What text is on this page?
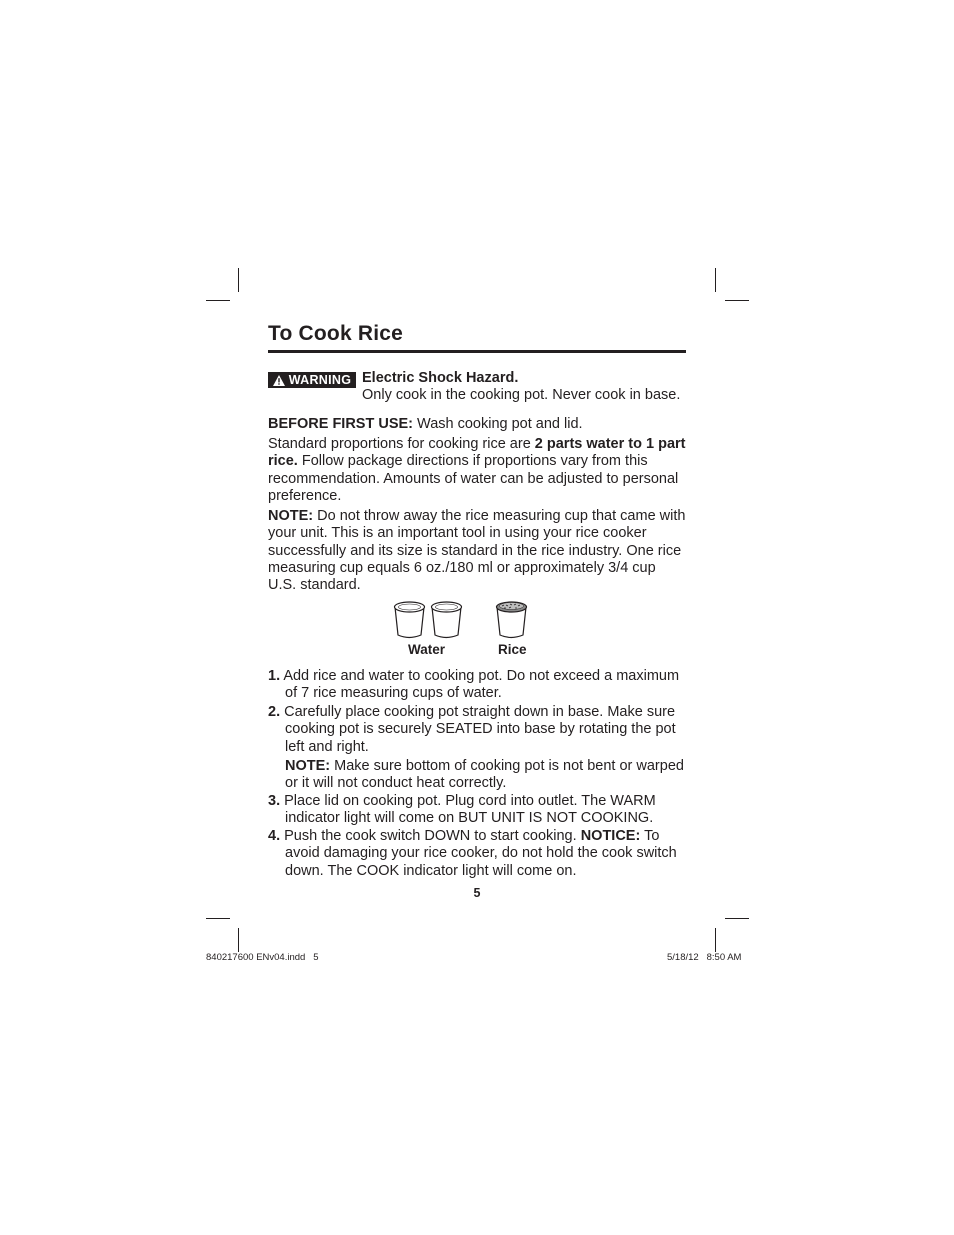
To Cook Rice
WARNING Electric Shock Hazard.
Only cook in the cooking pot. Never cook in base.
BEFORE FIRST USE: Wash cooking pot and lid.
Standard proportions for cooking rice are 2 parts water to 1 part rice. Follow package directions if proportions vary from this recommendation. Amounts of water can be adjusted to personal preference.
NOTE: Do not throw away the rice measuring cup that came with your unit. This is an important tool in using your rice cooker successfully and its size is standard in the rice industry. One rice measuring cup equals 6 oz./180 ml or approximately 3/4 cup U.S. standard.
Water	Rice
1. Add rice and water to cooking pot. Do not exceed a maximum of 7 rice measuring cups of water.
2. Carefully place cooking pot straight down in base. Make sure cooking pot is securely SEATED into base by rotating the pot left and right.
NOTE: Make sure bottom of cooking pot is not bent or warped or it will not conduct heat correctly.
3. Place lid on cooking pot. Plug cord into outlet. The WARM indicator light will come on BUT UNIT IS NOT COOKING.
4. Push the cook switch DOWN to start cooking. NOTICE: To avoid damaging your rice cooker, do not hold the cook switch down. The COOK indicator light will come on.
5
840217600 ENv04.indd   5	5/18/12   8:50 AM
